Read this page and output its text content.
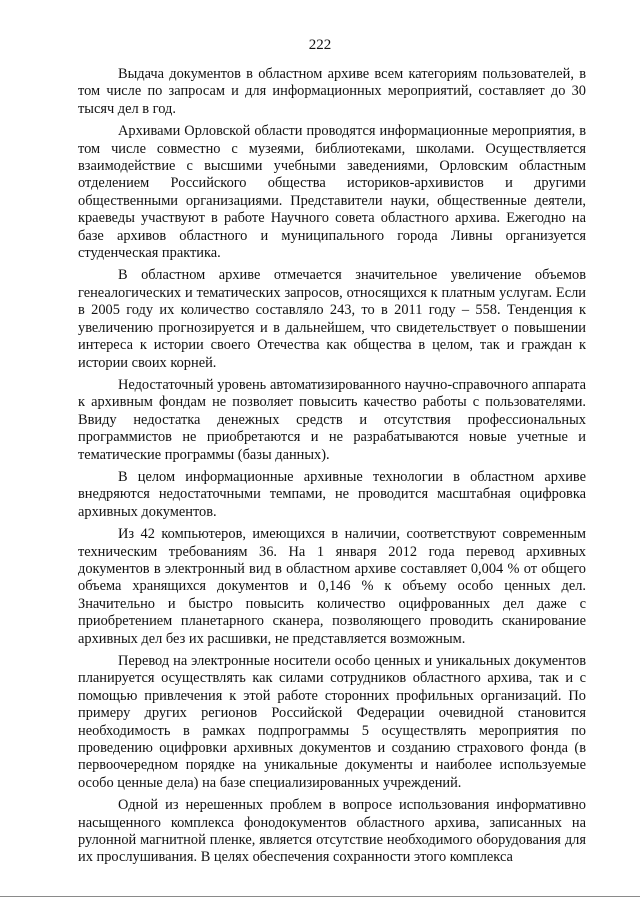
222

Выдача документов в областном архиве всем категориям пользователей, в том числе по запросам и для информационных мероприятий, составляет до 30 тысяч дел в год.

Архивами Орловской области проводятся информационные мероприятия, в том числе совместно с музеями, библиотеками, школами. Осуществляется взаимодействие с высшими учебными заведениями, Орловским областным отделением Российского общества историков-архивистов и другими общественными организациями. Представители науки, общественные деятели, краеведы участвуют в работе Научного совета областного архива. Ежегодно на базе архивов областного и муниципального города Ливны организуется студенческая практика.

В областном архиве отмечается значительное увеличение объемов генеалогических и тематических запросов, относящихся к платным услугам. Если в 2005 году их количество составляло 243, то в 2011 году – 558. Тенденция к увеличению прогнозируется и в дальнейшем, что свидетельствует о повышении интереса к истории своего Отечества как общества в целом, так и граждан к истории своих корней.

Недостаточный уровень автоматизированного научно-справочного аппарата к архивным фондам не позволяет повысить качество работы с пользователями. Ввиду недостатка денежных средств и отсутствия профессиональных программистов не приобретаются и не разрабатываются новые учетные и тематические программы (базы данных).

В целом информационные архивные технологии в областном архиве внедряются недостаточными темпами, не проводится масштабная оцифровка архивных документов.

Из 42 компьютеров, имеющихся в наличии, соответствуют современным техническим требованиям 36. На 1 января 2012 года перевод архивных документов в электронный вид в областном архиве составляет 0,004 % от общего объема хранящихся документов и 0,146 % к объему особо ценных дел. Значительно и быстро повысить количество оцифрованных дел даже с приобретением планетарного сканера, позволяющего проводить сканирование архивных дел без их расшивки, не представляется возможным.

Перевод на электронные носители особо ценных и уникальных документов планируется осуществлять как силами сотрудников областного архива, так и с помощью привлечения к этой работе сторонних профильных организаций. По примеру других регионов Российской Федерации очевидной становится необходимость в рамках подпрограммы 5 осуществлять мероприятия по проведению оцифровки архивных документов и созданию страхового фонда (в первоочередном порядке на уникальные документы и наиболее используемые особо ценные дела) на базе специализированных учреждений.

Одной из нерешенных проблем в вопросе использования информативно насыщенного комплекса фонодокументов областного архива, записанных на рулонной магнитной пленке, является отсутствие необходимого оборудования для их прослушивания. В целях обеспечения сохранности этого комплекса
